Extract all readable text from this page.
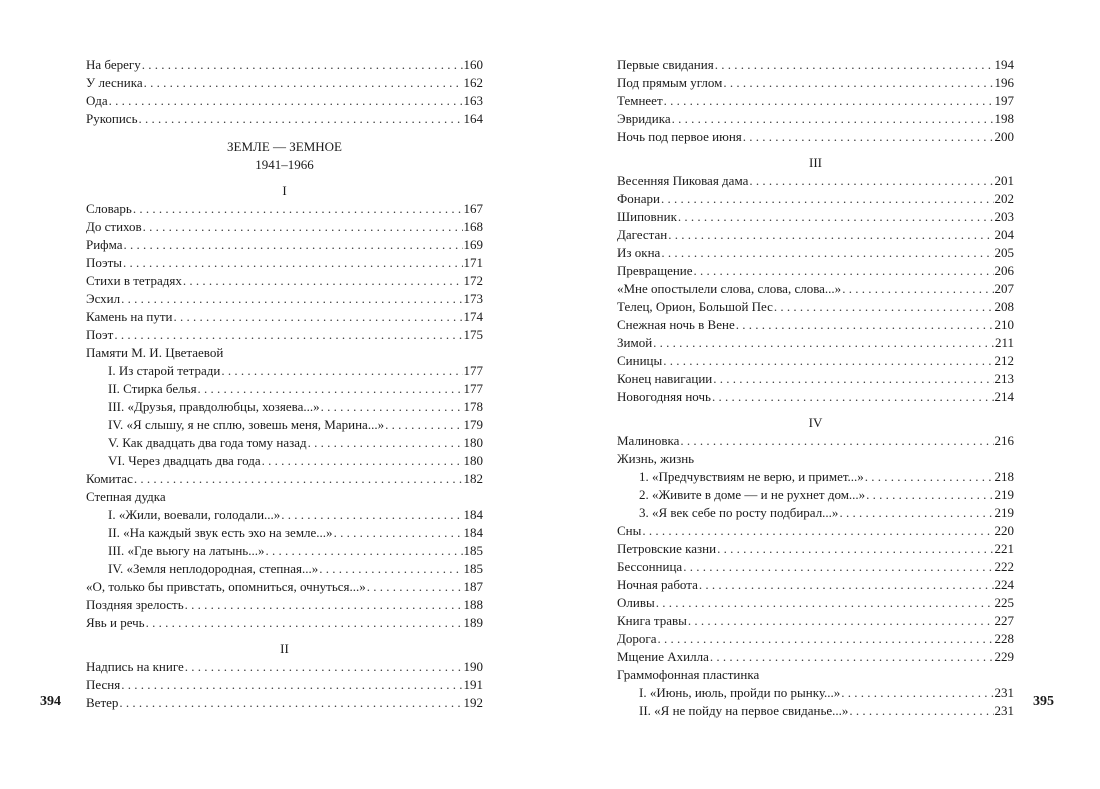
На берегу . . .	160
У лесника . . .	162
Ода . . .	163
Рукопись . . .	164
ЗЕМЛЕ — ЗЕМНОЕ
1941–1966
I
Словарь . . .	167
До стихов . . .	168
Рифма . . .	169
Поэты . . .	171
Стихи в тетрадях . . .	172
Эсхил . . .	173
Камень на пути . . .	174
Поэт . . .	175
Памяти М. И. Цветаевой
I. Из старой тетради . . .	177
II. Стирка белья . . .	177
III. «Друзья, правдолюбцы, хозяева...» . . .	178
IV. «Я слышу, я не сплю, зовешь меня, Марина...» . . .	179
V. Как двадцать два года тому назад . . .	180
VI. Через двадцать два года . . .	180
Комитас . . .	182
Степная дудка
I. «Жили, воевали, голодали...» . . .	184
II. «На каждый звук есть эхо на земле...» . . .	184
III. «Где вьюгу на латынь...» . . .	185
IV. «Земля неплодородная, степная...» . . .	185
«О, только бы привстать, опомниться, очнуться...» . . .	187
Поздняя зрелость . . .	188
Явь и речь . . .	189
II
Надпись на книге . . .	190
Песня . . .	191
Ветер . . .	192
Первые свидания . . .	194
Под прямым углом . . .	196
Темнеет . . .	197
Эвридика . . .	198
Ночь под первое июня . . .	200
III
Весенняя Пиковая дама . . .	201
Фонари . . .	202
Шиповник . . .	203
Дагестан . . .	204
Из окна . . .	205
Превращение . . .	206
«Мне опостылели слова, слова, слова...» . . .	207
Телец, Орион, Большой Пес . . .	208
Снежная ночь в Вене . . .	210
Зимой . . .	211
Синицы . . .	212
Конец навигации . . .	213
Новогодняя ночь . . .	214
IV
Малиновка . . .	216
Жизнь, жизнь
1. «Предчувствиям не верю, и примет...» . . .	218
2. «Живите в доме — и не рухнет дом...» . . .	219
3. «Я век себе по росту подбирал...» . . .	219
Сны . . .	220
Петровские казни . . .	221
Бессонница . . .	222
Ночная работа . . .	224
Оливы . . .	225
Книга травы . . .	227
Дорога . . .	228
Мщение Ахилла . . .	229
Граммофонная пластинка
I. «Июнь, июль, пройди по рынку...» . . .	231
II. «Я не пойду на первое свиданье...» . . .	231
394	395
